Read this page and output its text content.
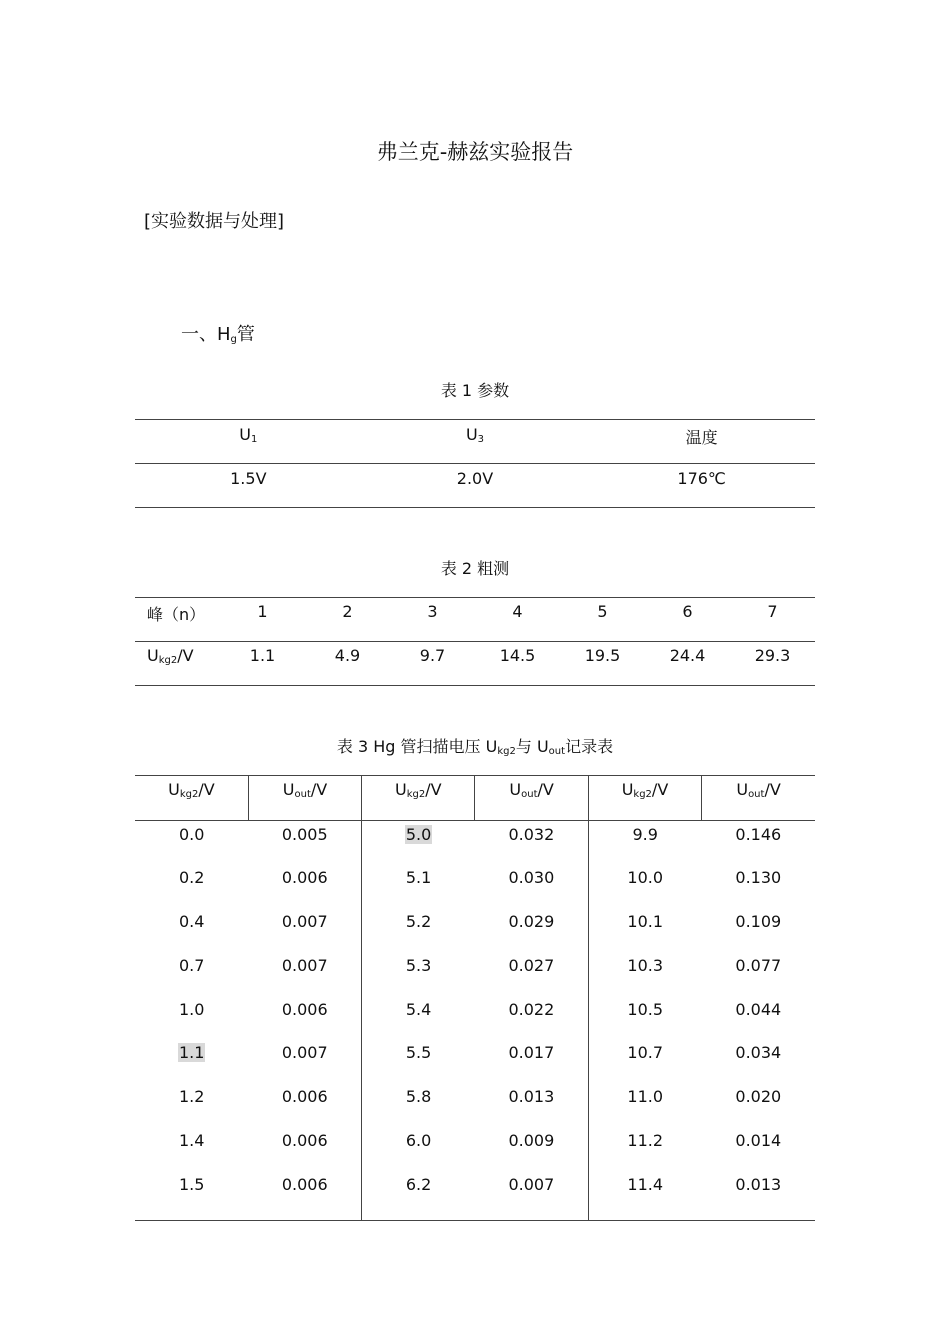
弗兰克-赫兹实验报告
[实验数据与处理]
一、$H_g$管
表 1 参数
$U_1$	$U_3$	温度
1.5V	2.0V	176℃
表 2 粗测
峰（n）	1	2	3	4	5	6	7
$U_{kg2}/V$	1.1	4.9	9.7	14.5	19.5	24.4	29.3
表 3 Hg 管扫描电压 $U_{kg2}$与 $U_{out}$记录表
$U_{kg2}/V$	$U_{out}/V$	$U_{kg2}/V$	$U_{out}/V$	$U_{kg2}/V$	$U_{out}/V$
0.0	0.005	5.0	0.032	9.9	0.146
0.2	0.006	5.1	0.030	10.0	0.130
0.4	0.007	5.2	0.029	10.1	0.109
0.7	0.007	5.3	0.027	10.3	0.077
1.0	0.006	5.4	0.022	10.5	0.044
1.1	0.007	5.5	0.017	10.7	0.034
1.2	0.006	5.8	0.013	11.0	0.020
1.4	0.006	6.0	0.009	11.2	0.014
1.5	0.006	6.2	0.007	11.4	0.013
